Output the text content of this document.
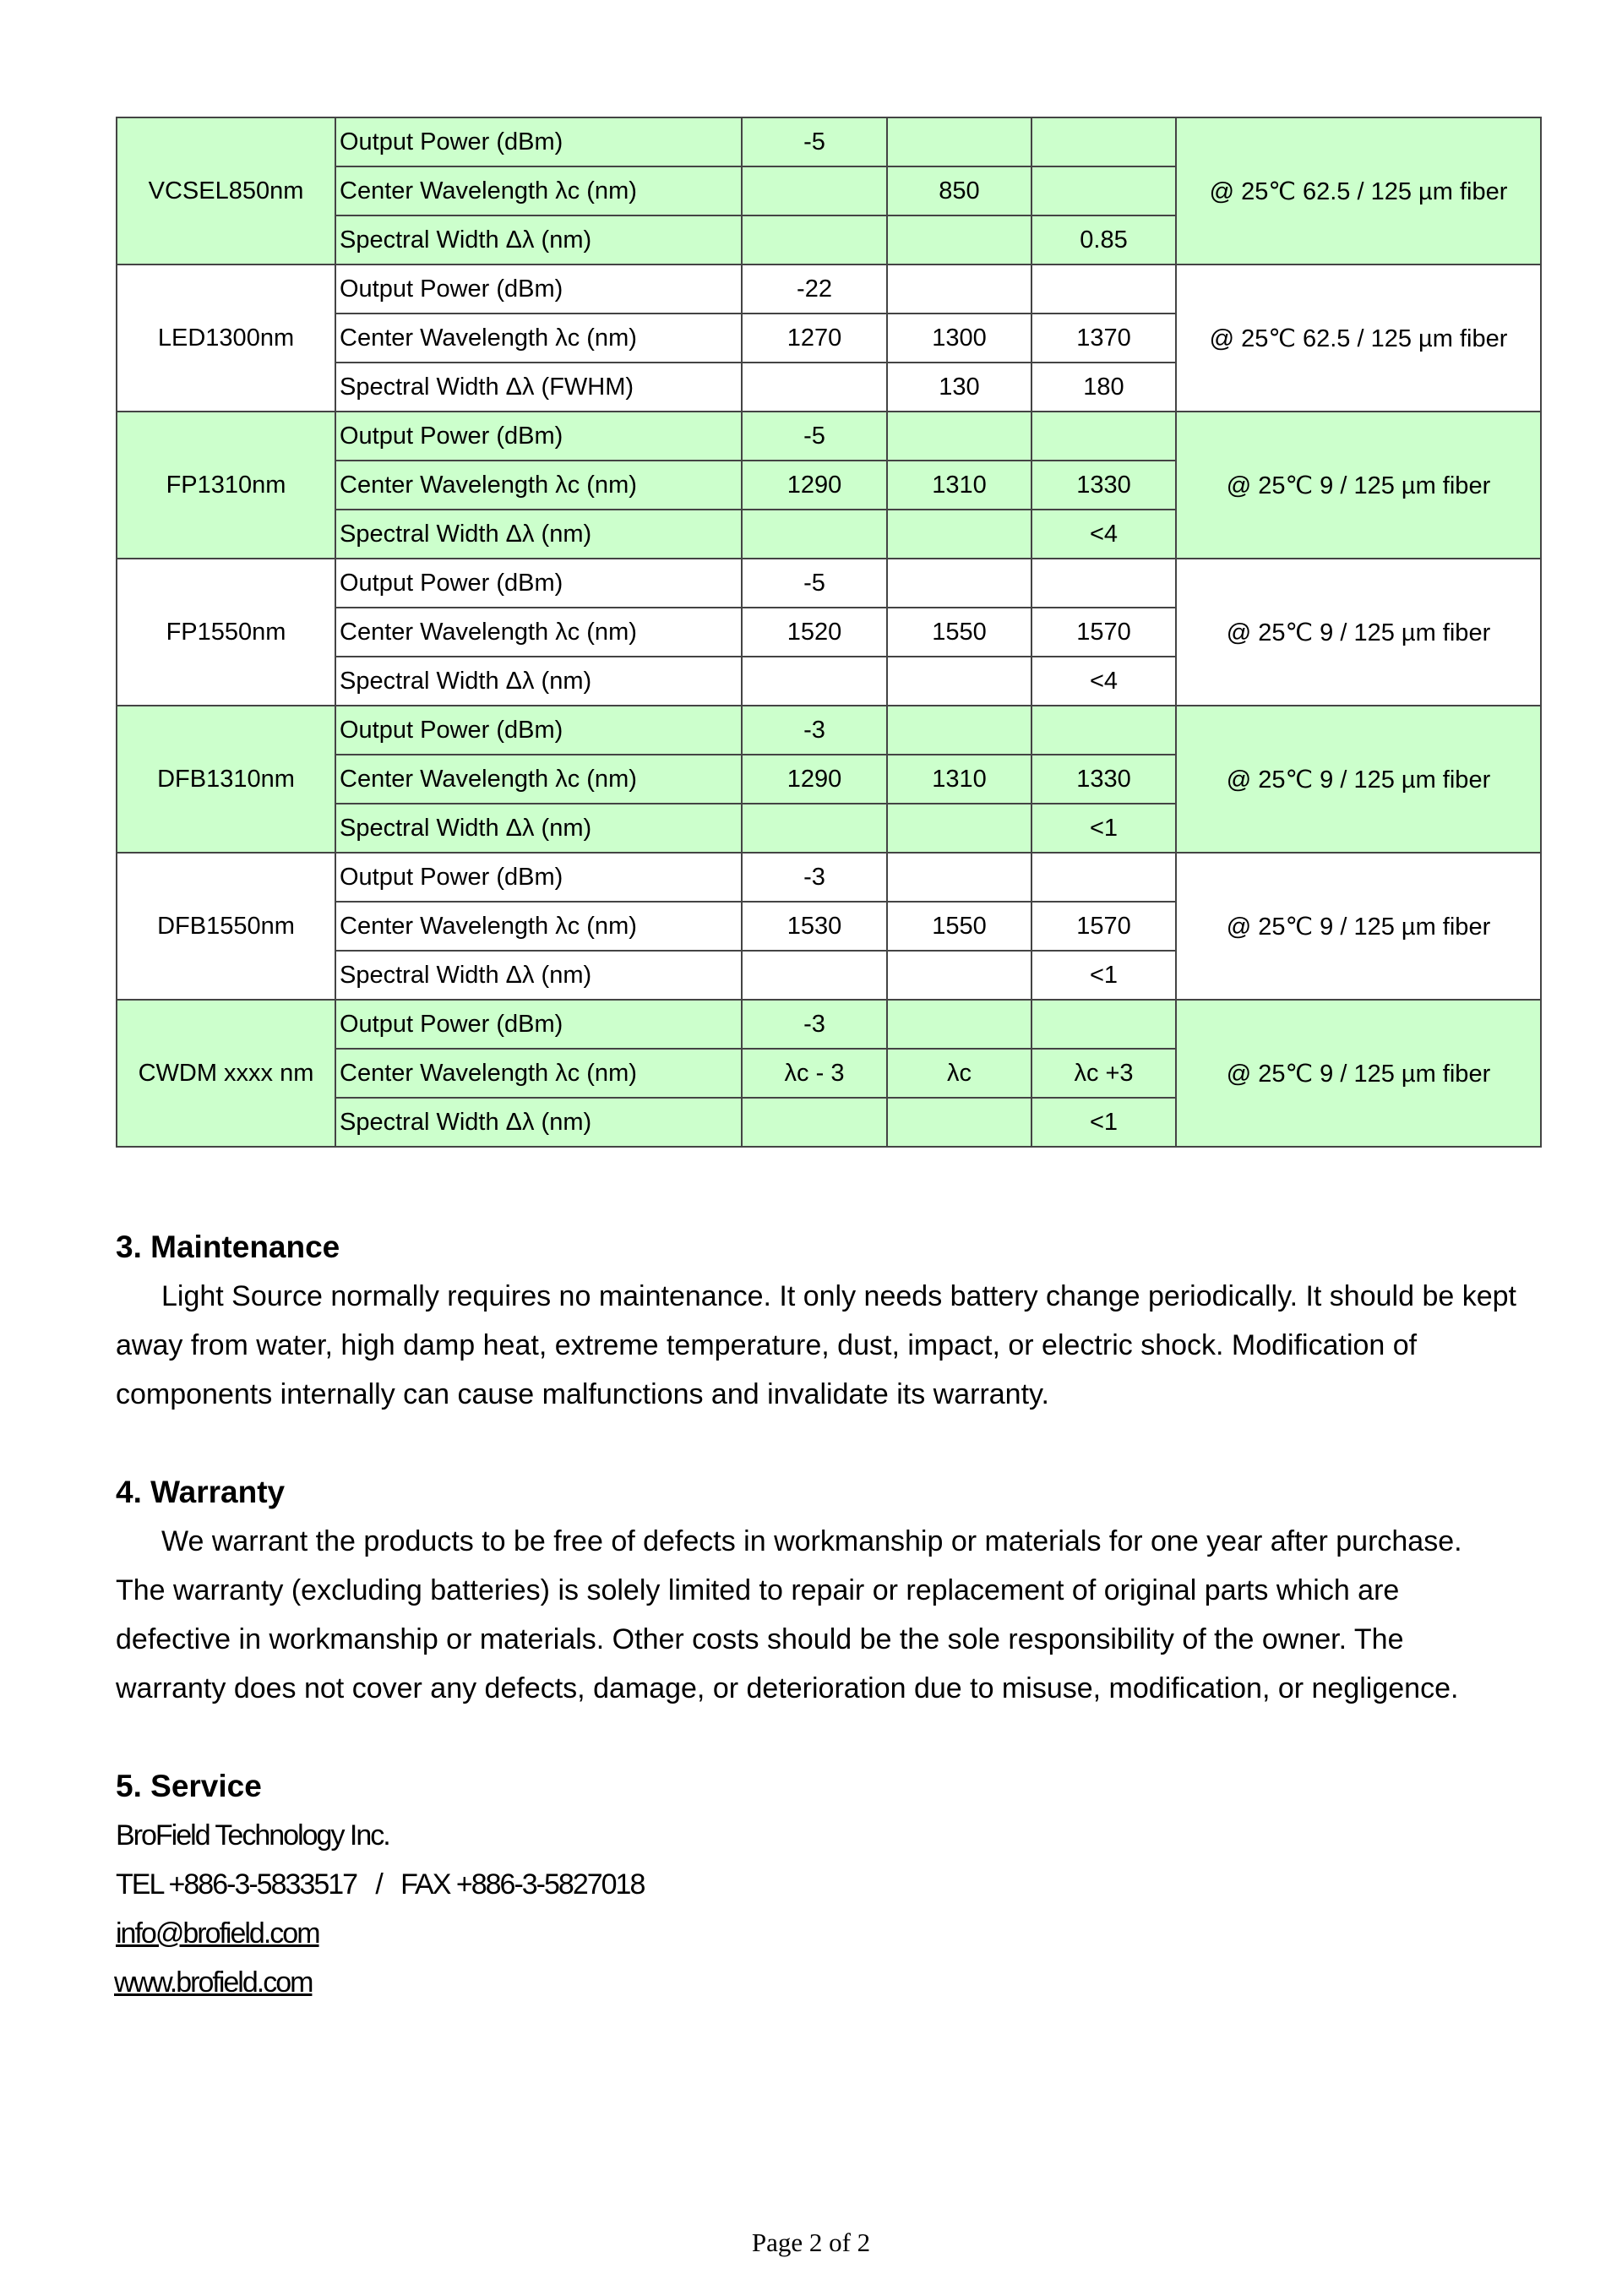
VCSEL850nm	Output Power (dBm)	-5			@ 25℃ 62.5 / 125 µm fiber
	Center Wavelength λc (nm)		850		
	Spectral Width Δλ (nm)			0.85	
LED1300nm	Output Power (dBm)	-22			@ 25℃ 62.5 / 125 µm fiber
	Center Wavelength λc (nm)	1270	1300	1370	
	Spectral Width Δλ (FWHM)		130	180	
FP1310nm	Output Power (dBm)	-5			@ 25℃ 9 / 125 µm fiber
	Center Wavelength λc (nm)	1290	1310	1330	
	Spectral Width Δλ (nm)			<4	
FP1550nm	Output Power (dBm)	-5			@ 25℃ 9 / 125 µm fiber
	Center Wavelength λc (nm)	1520	1550	1570	
	Spectral Width Δλ (nm)			<4	
DFB1310nm	Output Power (dBm)	-3			@ 25℃ 9 / 125 µm fiber
	Center Wavelength λc (nm)	1290	1310	1330	
	Spectral Width Δλ (nm)			<1	
DFB1550nm	Output Power (dBm)	-3			@ 25℃ 9 / 125 µm fiber
	Center Wavelength λc (nm)	1530	1550	1570	
	Spectral Width Δλ (nm)			<1	
CWDM xxxx nm	Output Power (dBm)	-3			@ 25℃ 9 / 125 µm fiber
	Center Wavelength λc (nm)	λc - 3	λc	λc +3	
	Spectral Width Δλ (nm)			<1	
3. Maintenance

Light Source normally requires no maintenance. It only needs battery change periodically. It should be kept away from water, high damp heat, extreme temperature, dust, impact, or electric shock. Modification of components internally can cause malfunctions and invalidate its warranty.

4. Warranty

We warrant the products to be free of defects in workmanship or materials for one year after purchase. The warranty (excluding batteries) is solely limited to repair or replacement of original parts which are defective in workmanship or materials. Other costs should be the sole responsibility of the owner. The warranty does not cover any defects, damage, or deterioration due to misuse, modification, or negligence.

5. Service
BroField Technology Inc.
TEL +886-3-5833517   /   FAX +886-3-5827018
info@brofield.com
www.brofield.com
Page 2 of 2
